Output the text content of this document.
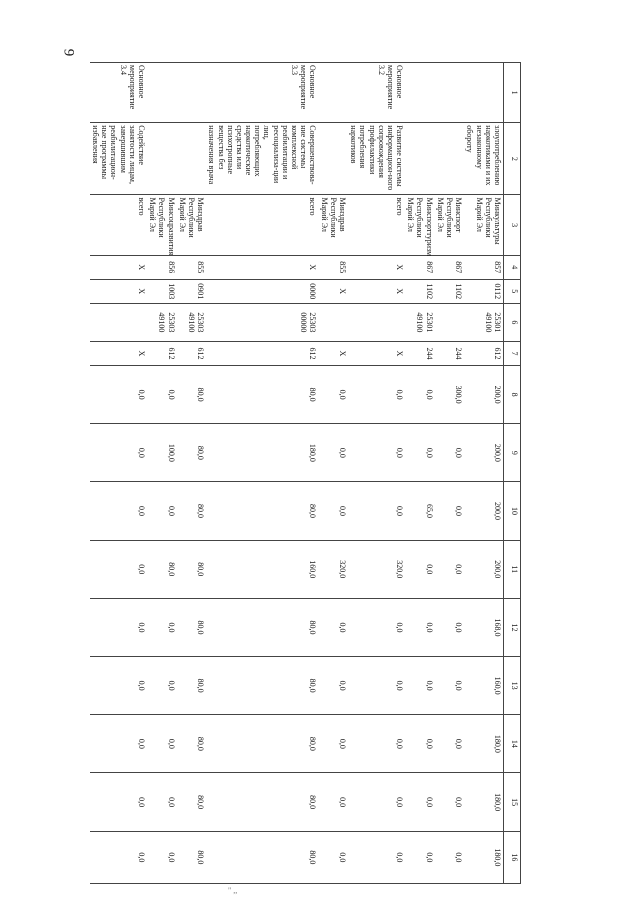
9
1	2	3	4	5	6	7	8	9	10	11	12	13	14	15	16
	злоупотреблению наркотиками и их незаконному обороту	Минкультуры Республики Марий Эл	857	0112	25301 49100	612	200,0	200,0	200,0	200,0	168,0	160,0	180,0	180,0	180,0
		Минспорт Республики Марий Эл	867	1102		244	300,0	0,0	0,0	0,0	0,0	0,0	0,0	0,0	0,0
		Минспорттуризм Республики Марий Эл	867	1102	25301 49100	244	0,0	0,0	65,0	0,0	0,0	0,0	0,0	0,0	0,0
Основное мероприятие 3.2	Развитие системы информацион-ного сопровождения профилактики потребления наркотиков	всего	X	X		X	0,0	0,0	0,0	320,0	0,0	0,0	0,0	0,0	0,0
		Минздрав Республики Марий Эл	855	X		X	0,0	0,0	0,0	320,0	0,0	0,0	0,0	0,0	0,0
Основное мероприятие 3.3	Совершенствова-ние системы комплексной реабилитации и ресоциализа-ции лиц, потребляющих наркотические средства или психотропные вещества без назначения врача	всего	X	0000	25303 00000	612	80,0	180,0	80,0	160,0	80,0	80,0	80,0	80,0	80,0
		Минздрав Республики Марий Эл	855	0901	25303 49100	612	80,0	80,0	80,0	80,0	80,0	80,0	80,0	80,0	80,0
		Минсоцразвития Республики Марий Эл	856	1003	25303 49100	612	0,0	100,0	0,0	80,0	0,0	0,0	0,0	0,0	0,0
Основное мероприятие 3.4	Содействие занятости лицам, завершившим реабилитацион-ные программы избавления	всего	X	X		X	0,0	0,0	0,0	0,0	0,0	0,0	0,0	0,0	0,0
" ,,
